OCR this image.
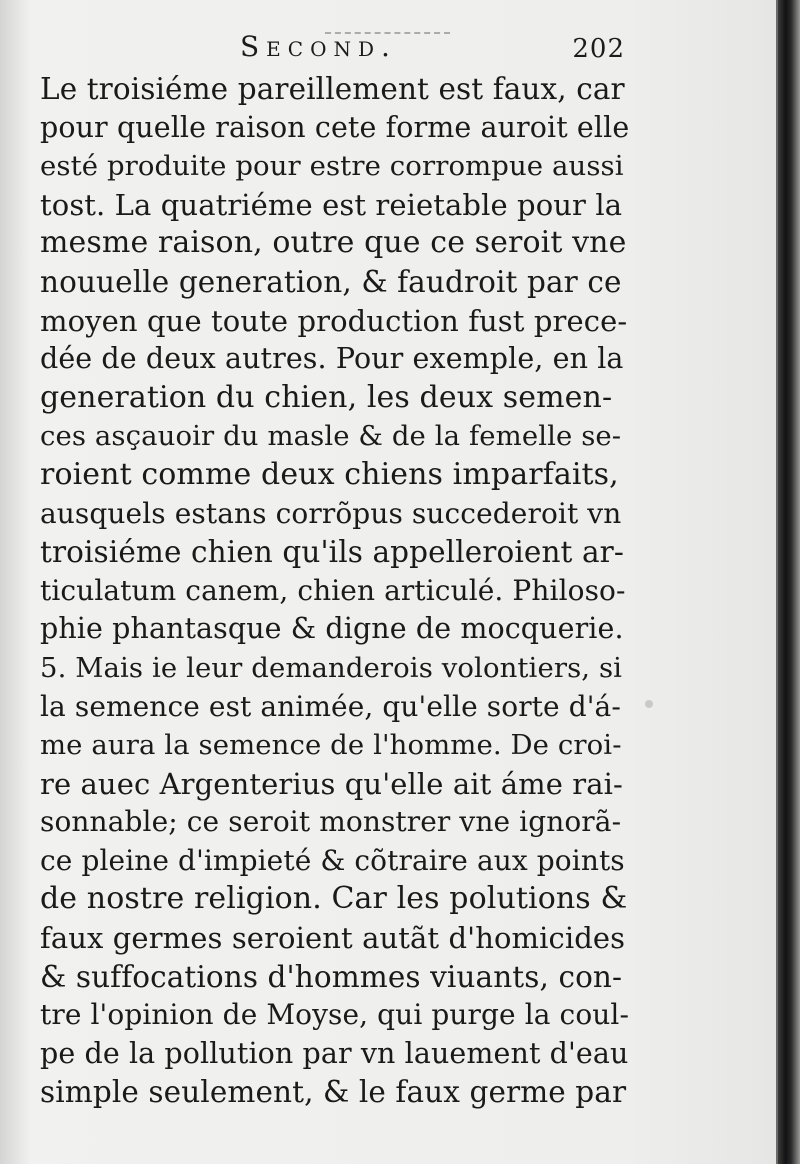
Second.	202
Le troisiéme pareillement est faux, car
pour quelle raison cete forme auroit elle
esté produite pour estre corrompue aussi
tost. La quatriéme est reietable pour la
mesme raison, outre que ce seroit vne
nouuelle generation, & faudroit par ce
moyen que toute production fust prece-
dée de deux autres. Pour exemple, en la
generation du chien, les deux semen-
ces asçauoir du masle & de la femelle se-
roient comme deux chiens imparfaits,
ausquels estans corrõpus succederoit vn
troisiéme chien qu'ils appelleroient ar-
ticulatum canem, chien articulé. Philoso-
phie phantasque & digne de mocquerie.
5. Mais ie leur demanderois volontiers, si
la semence est animée, qu'elle sorte d'á-
me aura la semence de l'homme. De croi-
re auec Argenterius qu'elle ait áme rai-
sonnable; ce seroit monstrer vne ignorã-
ce pleine d'impieté & cõtraire aux points
de nostre religion. Car les polutions &
faux germes seroient autãt d'homicides
& suffocations d'hommes viuants, con-
tre l'opinion de Moyse, qui purge la coul-
pe de la pollution par vn lauement d'eau
simple seulement, & le faux germe par
